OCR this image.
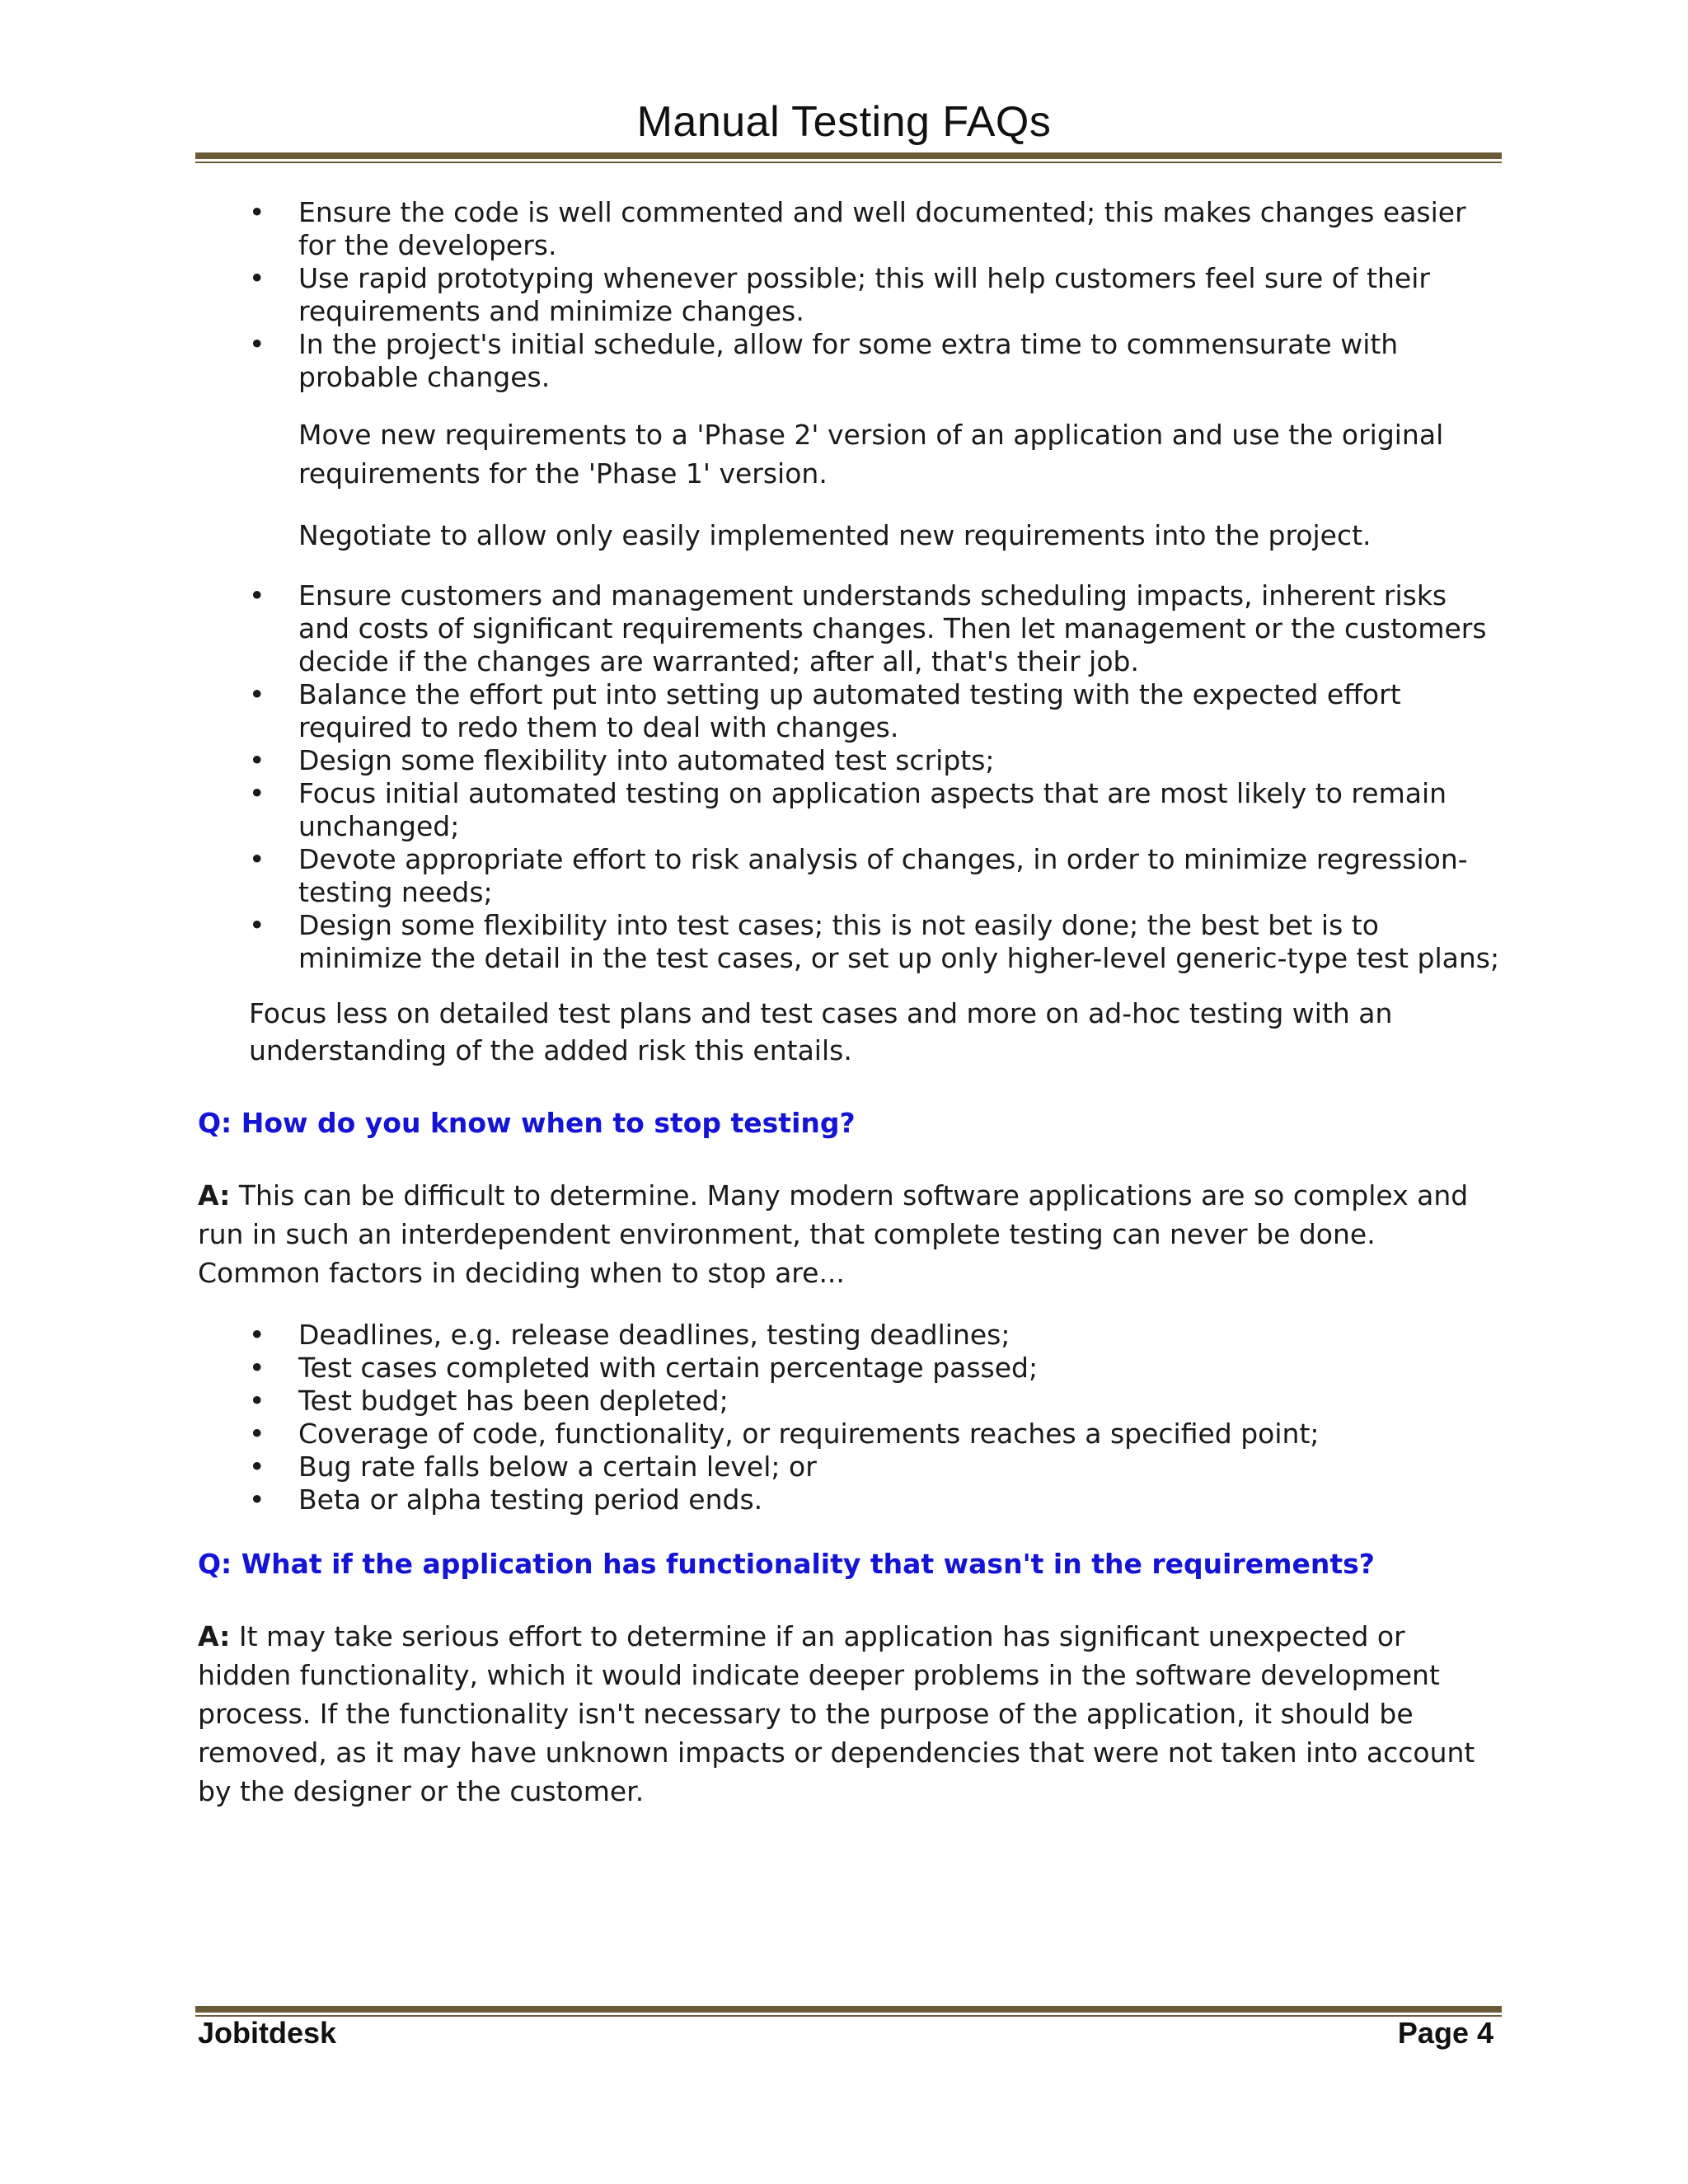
Manual Testing FAQs
• Ensure the code is well commented and well documented; this makes changes easier for the developers.
• Use rapid prototyping whenever possible; this will help customers feel sure of their requirements and minimize changes.
• In the project's initial schedule, allow for some extra time to commensurate with probable changes.

Move new requirements to a 'Phase 2' version of an application and use the original requirements for the 'Phase 1' version.

Negotiate to allow only easily implemented new requirements into the project.

• Ensure customers and management understands scheduling impacts, inherent risks and costs of significant requirements changes. Then let management or the customers decide if the changes are warranted; after all, that's their job.
• Balance the effort put into setting up automated testing with the expected effort required to redo them to deal with changes.
• Design some flexibility into automated test scripts;
• Focus initial automated testing on application aspects that are most likely to remain unchanged;
• Devote appropriate effort to risk analysis of changes, in order to minimize regression-testing needs;
• Design some flexibility into test cases; this is not easily done; the best bet is to minimize the detail in the test cases, or set up only higher-level generic-type test plans;

Focus less on detailed test plans and test cases and more on ad-hoc testing with an understanding of the added risk this entails.

Q: How do you know when to stop testing?

A: This can be difficult to determine. Many modern software applications are so complex and run in such an interdependent environment, that complete testing can never be done. Common factors in deciding when to stop are...

• Deadlines, e.g. release deadlines, testing deadlines;
• Test cases completed with certain percentage passed;
• Test budget has been depleted;
• Coverage of code, functionality, or requirements reaches a specified point;
• Bug rate falls below a certain level; or
• Beta or alpha testing period ends.

Q: What if the application has functionality that wasn't in the requirements?

A: It may take serious effort to determine if an application has significant unexpected or hidden functionality, which it would indicate deeper problems in the software development process. If the functionality isn't necessary to the purpose of the application, it should be removed, as it may have unknown impacts or dependencies that were not taken into account by the designer or the customer.

Jobitdesk	Page 4
